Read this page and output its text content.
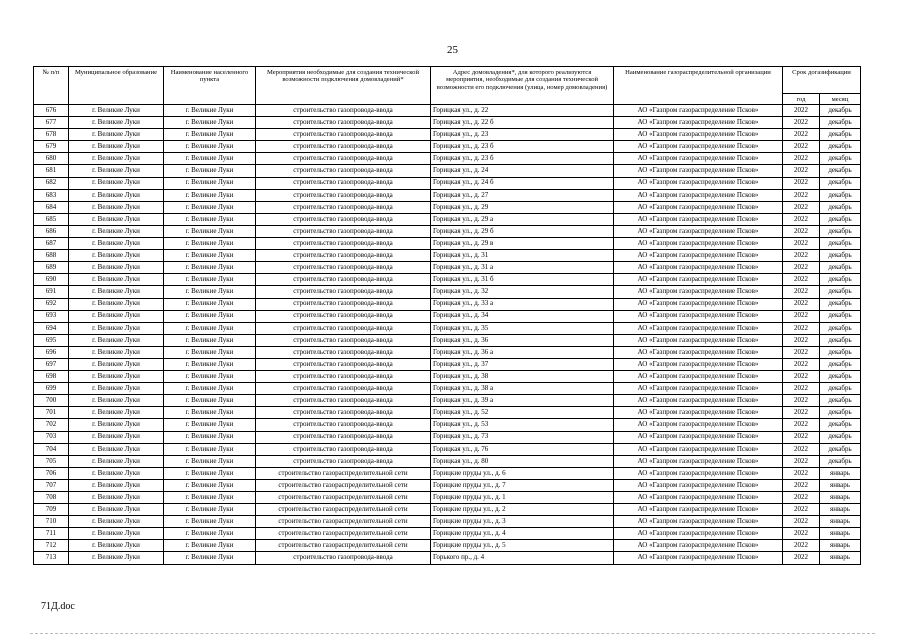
25
№ п/п	Муниципальное образование	Наименование населенного пункта	Мероприятия необходимые для создания технической возможности подключения домовладений*	Адрес домовладения*, для которого реализуются мероприятия, необходимые для создания технической возможности его подключения (улица, номер домовладения)	Наименование газораспределительной организации	Срок догазификации	
						год	месяц
676	г. Великие Луки	г. Великие Луки	строительство газопровода-ввода	Горицкая ул., д. 22	АО «Газпром газораспределение Псков»	2022	декабрь
677	г. Великие Луки	г. Великие Луки	строительство газопровода-ввода	Горицкая ул., д. 22 б	АО «Газпром газораспределение Псков»	2022	декабрь
678	г. Великие Луки	г. Великие Луки	строительство газопровода-ввода	Горицкая ул., д. 23	АО «Газпром газораспределение Псков»	2022	декабрь
679	г. Великие Луки	г. Великие Луки	строительство газопровода-ввода	Горицкая ул., д. 23 б	АО «Газпром газораспределение Псков»	2022	декабрь
680	г. Великие Луки	г. Великие Луки	строительство газопровода-ввода	Горицкая ул., д. 23 б	АО «Газпром газораспределение Псков»	2022	декабрь
681	г. Великие Луки	г. Великие Луки	строительство газопровода-ввода	Горицкая ул., д. 24	АО «Газпром газораспределение Псков»	2022	декабрь
682	г. Великие Луки	г. Великие Луки	строительство газопровода-ввода	Горицкая ул., д. 24 б	АО «Газпром газораспределение Псков»	2022	декабрь
683	г. Великие Луки	г. Великие Луки	строительство газопровода-ввода	Горицкая ул., д. 27	АО «Газпром газораспределение Псков»	2022	декабрь
684	г. Великие Луки	г. Великие Луки	строительство газопровода-ввода	Горицкая ул., д. 29	АО «Газпром газораспределение Псков»	2022	декабрь
685	г. Великие Луки	г. Великие Луки	строительство газопровода-ввода	Горицкая ул., д. 29 а	АО «Газпром газораспределение Псков»	2022	декабрь
686	г. Великие Луки	г. Великие Луки	строительство газопровода-ввода	Горицкая ул., д. 29 б	АО «Газпром газораспределение Псков»	2022	декабрь
687	г. Великие Луки	г. Великие Луки	строительство газопровода-ввода	Горицкая ул., д. 29 в	АО «Газпром газораспределение Псков»	2022	декабрь
688	г. Великие Луки	г. Великие Луки	строительство газопровода-ввода	Горицкая ул., д. 31	АО «Газпром газораспределение Псков»	2022	декабрь
689	г. Великие Луки	г. Великие Луки	строительство газопровода-ввода	Горицкая ул., д. 31 а	АО «Газпром газораспределение Псков»	2022	декабрь
690	г. Великие Луки	г. Великие Луки	строительство газопровода-ввода	Горицкая ул., д. 31 б	АО «Газпром газораспределение Псков»	2022	декабрь
691	г. Великие Луки	г. Великие Луки	строительство газопровода-ввода	Горицкая ул., д. 32	АО «Газпром газораспределение Псков»	2022	декабрь
692	г. Великие Луки	г. Великие Луки	строительство газопровода-ввода	Горицкая ул., д. 33 а	АО «Газпром газораспределение Псков»	2022	декабрь
693	г. Великие Луки	г. Великие Луки	строительство газопровода-ввода	Горицкая ул., д. 34	АО «Газпром газораспределение Псков»	2022	декабрь
694	г. Великие Луки	г. Великие Луки	строительство газопровода-ввода	Горицкая ул., д. 35	АО «Газпром газораспределение Псков»	2022	декабрь
695	г. Великие Луки	г. Великие Луки	строительство газопровода-ввода	Горицкая ул., д. 36	АО «Газпром газораспределение Псков»	2022	декабрь
696	г. Великие Луки	г. Великие Луки	строительство газопровода-ввода	Горицкая ул., д. 36 а	АО «Газпром газораспределение Псков»	2022	декабрь
697	г. Великие Луки	г. Великие Луки	строительство газопровода-ввода	Горицкая ул., д. 37	АО «Газпром газораспределение Псков»	2022	декабрь
698	г. Великие Луки	г. Великие Луки	строительство газопровода-ввода	Горицкая ул., д. 38	АО «Газпром газораспределение Псков»	2022	декабрь
699	г. Великие Луки	г. Великие Луки	строительство газопровода-ввода	Горицкая ул., д. 38 а	АО «Газпром газораспределение Псков»	2022	декабрь
700	г. Великие Луки	г. Великие Луки	строительство газопровода-ввода	Горицкая ул., д. 39 а	АО «Газпром газораспределение Псков»	2022	декабрь
701	г. Великие Луки	г. Великие Луки	строительство газопровода-ввода	Горицкая ул., д. 52	АО «Газпром газораспределение Псков»	2022	декабрь
702	г. Великие Луки	г. Великие Луки	строительство газопровода-ввода	Горицкая ул., д. 53	АО «Газпром газораспределение Псков»	2022	декабрь
703	г. Великие Луки	г. Великие Луки	строительство газопровода-ввода	Горицкая ул., д. 73	АО «Газпром газораспределение Псков»	2022	декабрь
704	г. Великие Луки	г. Великие Луки	строительство газопровода-ввода	Горицкая ул., д. 76	АО «Газпром газораспределение Псков»	2022	декабрь
705	г. Великие Луки	г. Великие Луки	строительство газопровода-ввода	Горицкая ул., д. 80	АО «Газпром газораспределение Псков»	2022	декабрь
706	г. Великие Луки	г. Великие Луки	строительство газораспределительной сети	Горицкие пруды ул., д. 6	АО «Газпром газораспределение Псков»	2022	январь
707	г. Великие Луки	г. Великие Луки	строительство газораспределительной сети	Горицкие пруды ул., д. 7	АО «Газпром газораспределение Псков»	2022	январь
708	г. Великие Луки	г. Великие Луки	строительство газораспределительной сети	Горицкие пруды ул., д. 1	АО «Газпром газораспределение Псков»	2022	январь
709	г. Великие Луки	г. Великие Луки	строительство газораспределительной сети	Горицкие пруды ул., д. 2	АО «Газпром газораспределение Псков»	2022	январь
710	г. Великие Луки	г. Великие Луки	строительство газораспределительной сети	Горицкие пруды ул., д. 3	АО «Газпром газораспределение Псков»	2022	январь
711	г. Великие Луки	г. Великие Луки	строительство газораспределительной сети	Горицкие пруды ул., д. 4	АО «Газпром газораспределение Псков»	2022	январь
712	г. Великие Луки	г. Великие Луки	строительство газораспределительной сети	Горицкие пруды ул., д. 5	АО «Газпром газораспределение Псков»	2022	январь
713	г. Великие Луки	г. Великие Луки	строительство газопровода-ввода	Горького пр., д. 4	АО «Газпром газораспределение Псков»	2022	январь
71Д.doc
